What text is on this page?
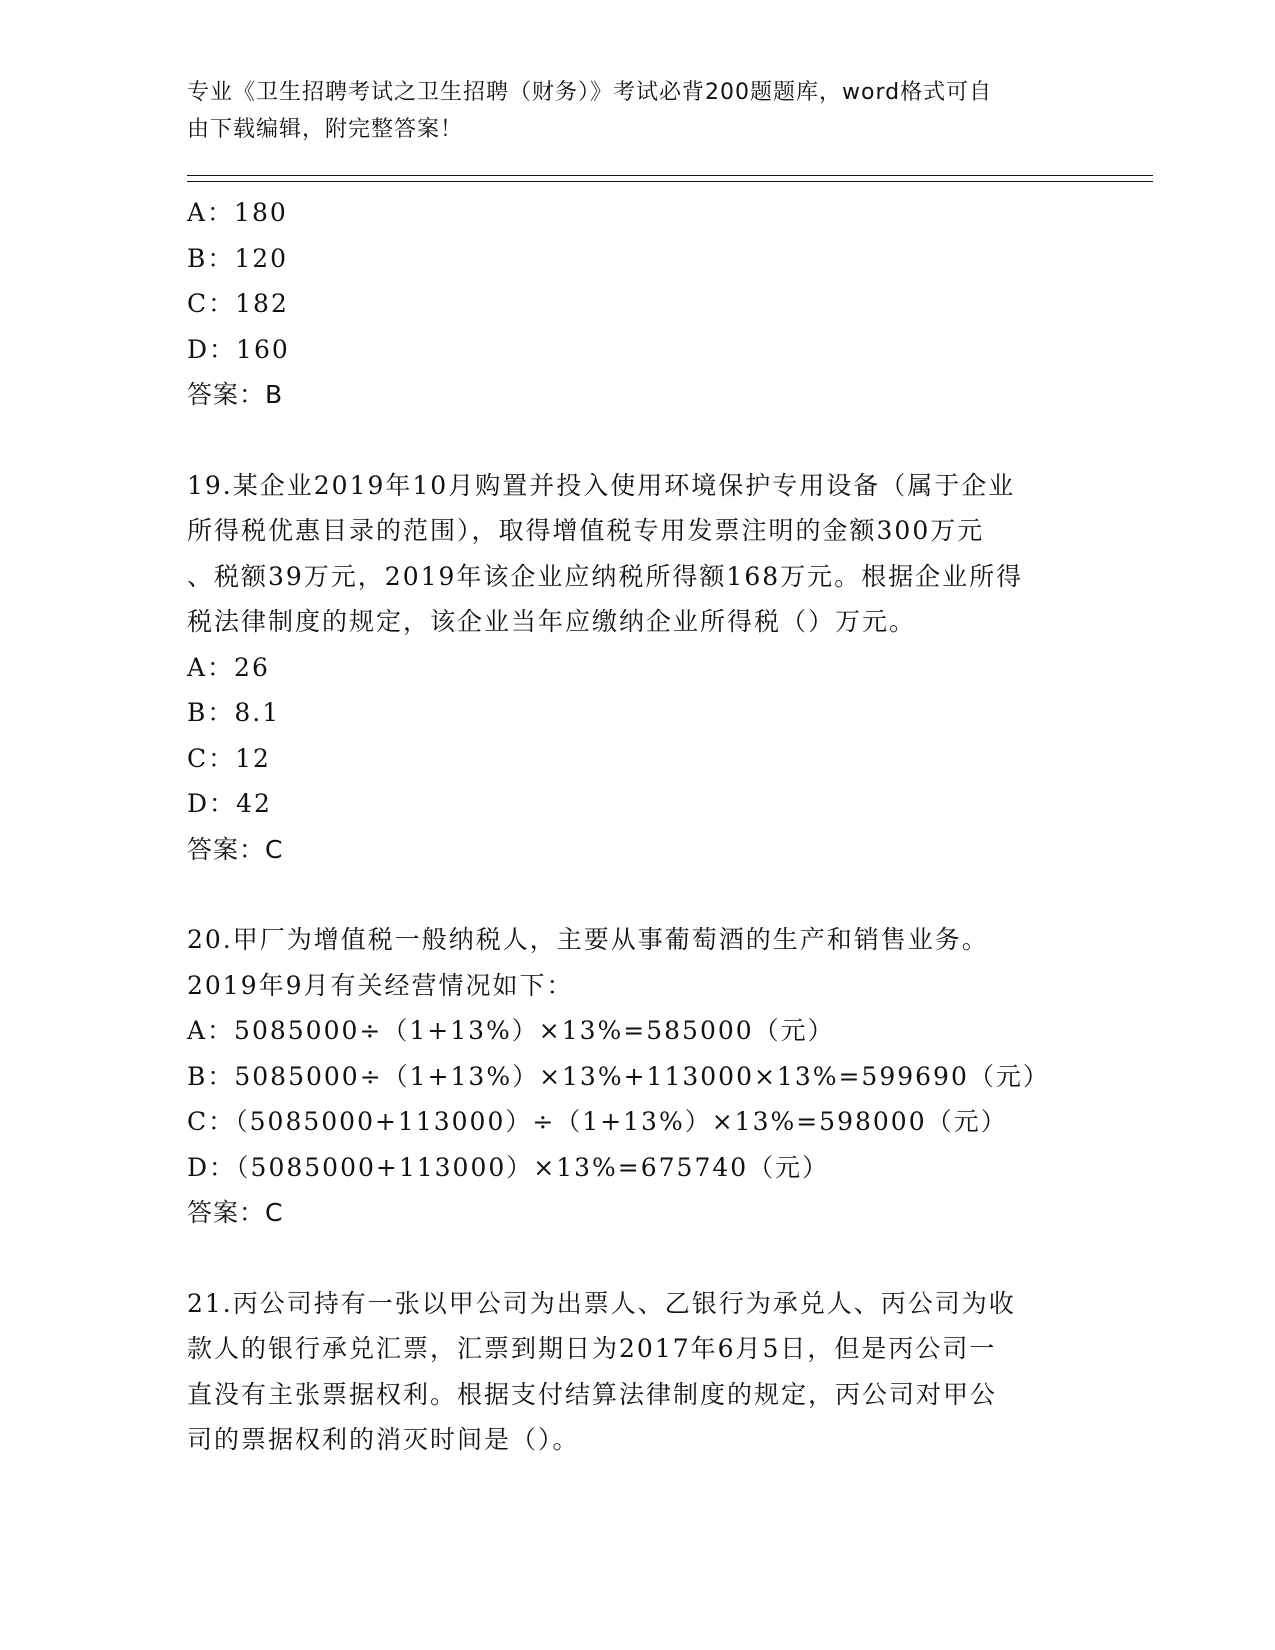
专业《卫生招聘考试之卫生招聘（财务）》考试必背200题题库，word格式可自
由下载编辑，附完整答案！
A：180
B：120
C：182
D：160
答案：B
19.某企业2019年10月购置并投入使用环境保护专用设备（属于企业
所得税优惠目录的范围），取得增值税专用发票注明的金额300万元
、税额39万元，2019年该企业应纳税所得额168万元。根据企业所得
税法律制度的规定，该企业当年应缴纳企业所得税（）万元。
A：26
B：8.1
C：12
D：42
答案：C
20.甲厂为增值税一般纳税人，主要从事葡萄酒的生产和销售业务。
2019年9月有关经营情况如下：
A：5085000÷（1+13%）×13%=585000（元）
B：5085000÷（1+13%）×13%+113000×13%=599690（元）
C：（5085000+113000）÷（1+13%）×13%=598000（元）
D：（5085000+113000）×13%=675740（元）
答案：C
21.丙公司持有一张以甲公司为出票人、乙银行为承兑人、丙公司为收
款人的银行承兑汇票，汇票到期日为2017年6月5日，但是丙公司一
直没有主张票据权利。根据支付结算法律制度的规定，丙公司对甲公
司的票据权利的消灭时间是（）。
